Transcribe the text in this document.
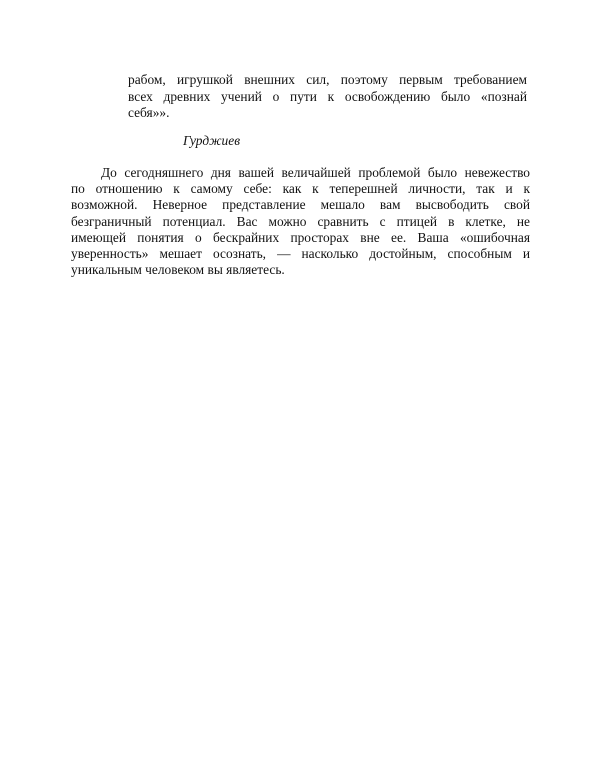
рабом, игрушкой внешних сил, поэтому первым требованием
всех древних учений о пути к освобождению было «познай
себя»».
Гурджиев
До сегодняшнего дня вашей величайшей проблемой было невежество
по отношению к самому себе: как к теперешней личности, так и к
возможной. Неверное представление мешало вам высвободить свой
безграничный потенциал. Вас можно сравнить с птицей в клетке, не
имеющей понятия о бескрайних просторах вне ее. Ваша «ошибочная
уверенность» мешает осознать, — насколько достойным, способным и
уникальным человеком вы являетесь.
